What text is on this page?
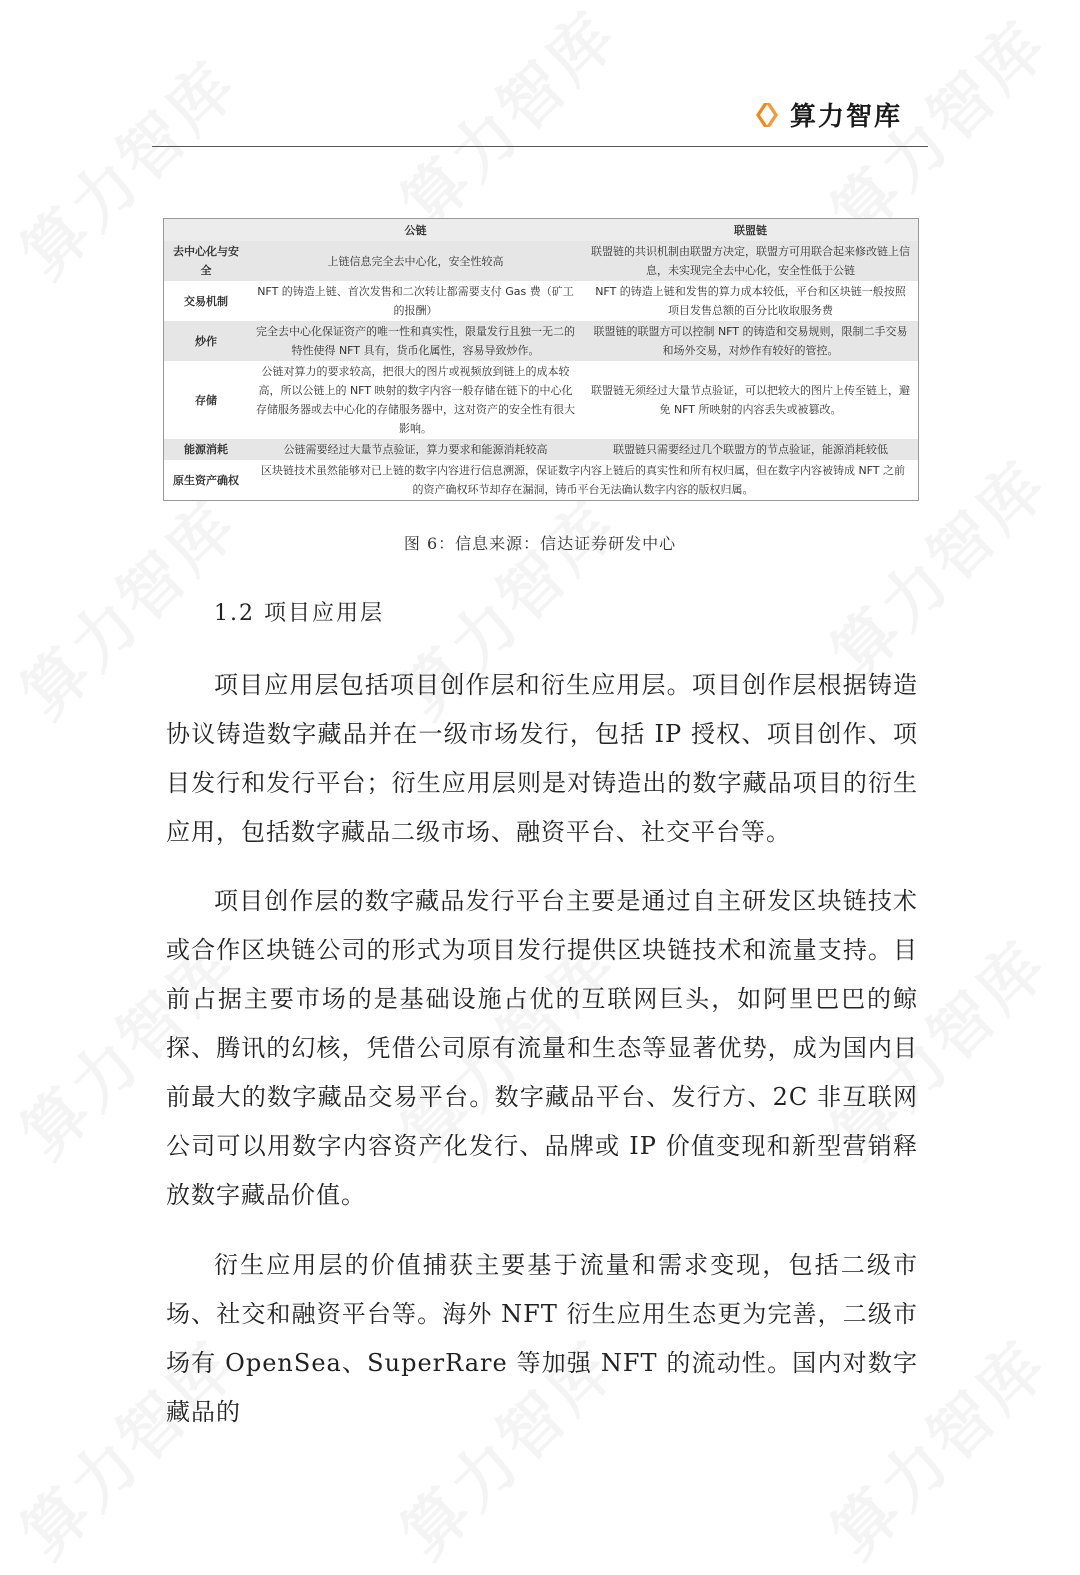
算力智库
	公链	联盟链
去中心化与安全	上链信息完全去中心化，安全性较高	联盟链的共识机制由联盟方决定，联盟方可用联合起来修改链上信息，未实现完全去中心化，安全性低于公链
交易机制	NFT 的铸造上链、首次发售和二次转让都需要支付 Gas 费（矿工的报酬）	NFT 的铸造上链和发售的算力成本较低，平台和区块链一般按照项目发售总额的百分比收取服务费
炒作	完全去中心化保证资产的唯一性和真实性，限量发行且独一无二的特性使得 NFT 具有，货币化属性，容易导致炒作。	联盟链的联盟方可以控制 NFT 的铸造和交易规则，限制二手交易和场外交易，对炒作有较好的管控。
存储	公链对算力的要求较高，把很大的图片或视频放到链上的成本较高，所以公链上的 NFT 映射的数字内容一般存储在链下的中心化存储服务器或去中心化的存储服务器中，这对资产的安全性有很大影响。	联盟链无须经过大量节点验证，可以把较大的图片上传至链上，避免 NFT 所映射的内容丢失或被篡改。
能源消耗	公链需要经过大量节点验证，算力要求和能源消耗较高	联盟链只需要经过几个联盟方的节点验证，能源消耗较低
原生资产确权	区块链技术虽然能够对已上链的数字内容进行信息溯源，保证数字内容上链后的真实性和所有权归属，但在数字内容被铸成 NFT 之前的资产确权环节却存在漏洞，铸币平台无法确认数字内容的版权归属。	
图 6：信息来源：信达证券研发中心
1.2 项目应用层

项目应用层包括项目创作层和衍生应用层。项目创作层根据铸造协议铸造数字藏品并在一级市场发行，包括 IP 授权、项目创作、项目发行和发行平台；衍生应用层则是对铸造出的数字藏品项目的衍生应用，包括数字藏品二级市场、融资平台、社交平台等。

项目创作层的数字藏品发行平台主要是通过自主研发区块链技术或合作区块链公司的形式为项目发行提供区块链技术和流量支持。目前占据主要市场的是基础设施占优的互联网巨头，如阿里巴巴的鲸探、腾讯的幻核，凭借公司原有流量和生态等显著优势，成为国内目前最大的数字藏品交易平台。数字藏品平台、发行方、2C 非互联网公司可以用数字内容资产化发行、品牌或 IP 价值变现和新型营销释放数字藏品价值。

衍生应用层的价值捕获主要基于流量和需求变现，包括二级市场、社交和融资平台等。海外 NFT 衍生应用生态更为完善，二级市场有 OpenSea、SuperRare 等加强 NFT 的流动性。国内对数字藏品的
